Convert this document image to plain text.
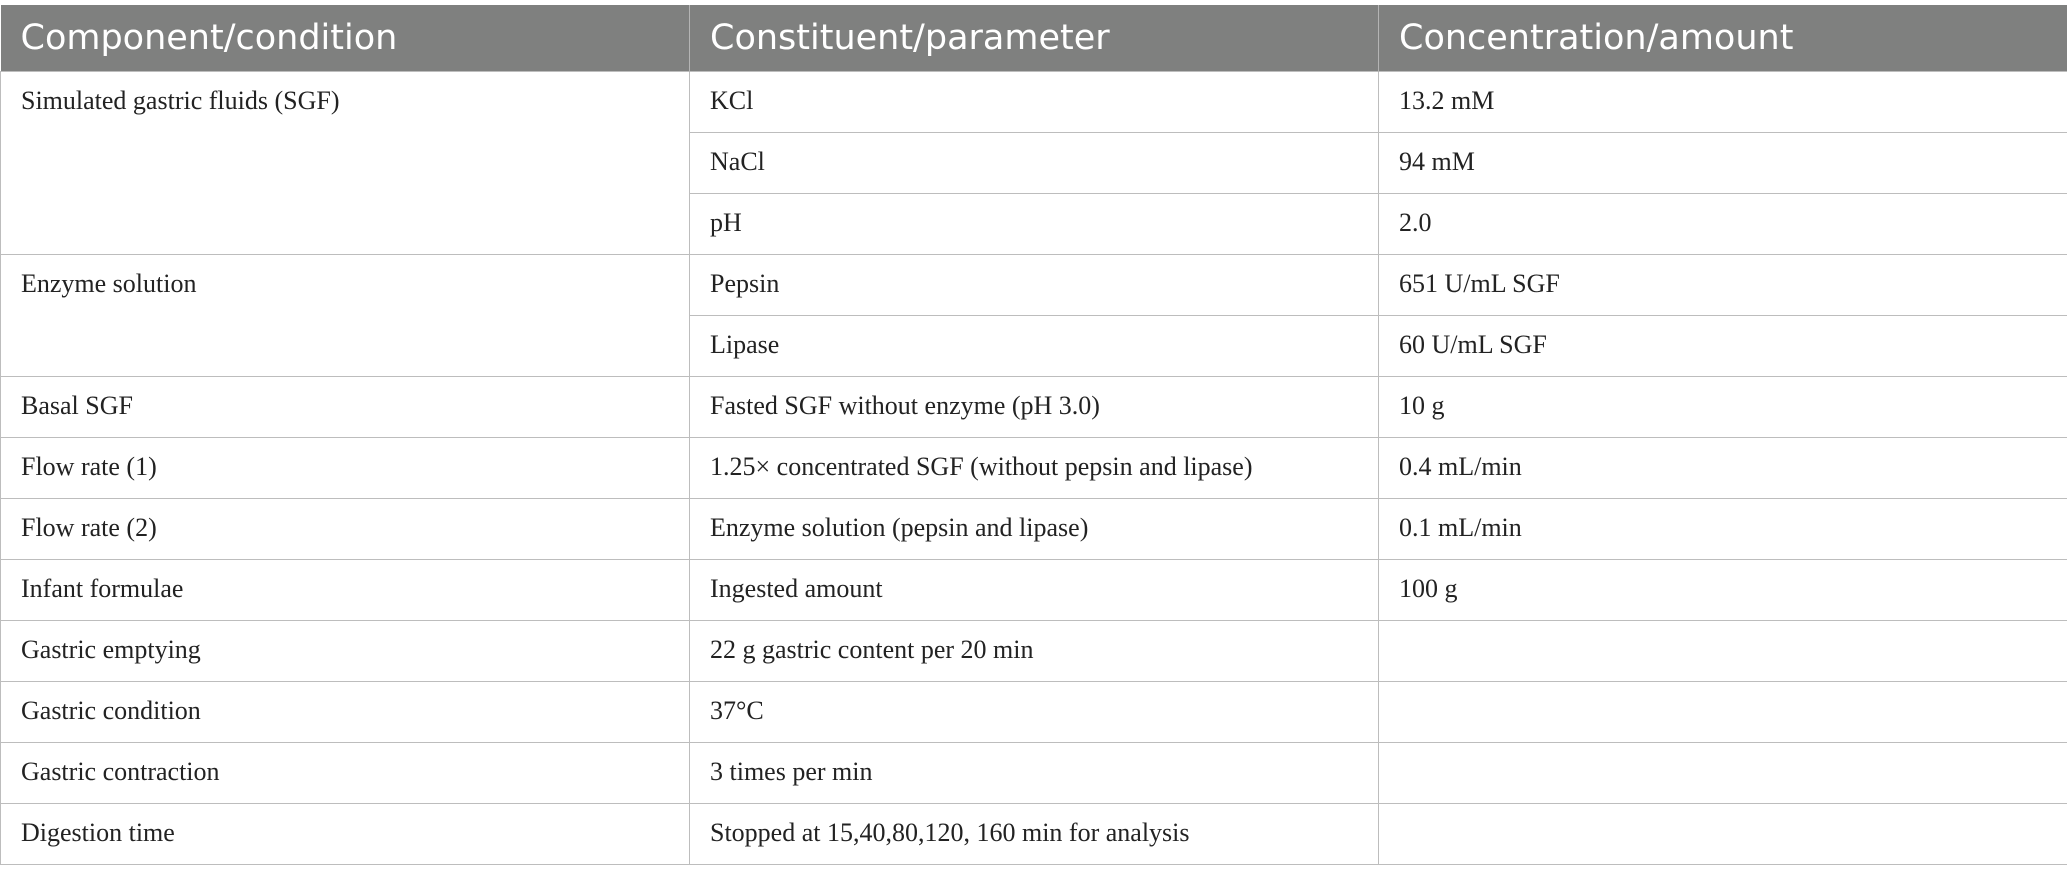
Component/condition	Constituent/parameter	Concentration/amount
Simulated gastric fluids (SGF)	KCl	13.2 mM
	NaCl	94 mM
	pH	2.0
Enzyme solution	Pepsin	651 U/mL SGF
	Lipase	60 U/mL SGF
Basal SGF	Fasted SGF without enzyme (pH 3.0)	10 g
Flow rate (1)	1.25× concentrated SGF (without pepsin and lipase)	0.4 mL/min
Flow rate (2)	Enzyme solution (pepsin and lipase)	0.1 mL/min
Infant formulae	Ingested amount	100 g
Gastric emptying	22 g gastric content per 20 min	
Gastric condition	37°C	
Gastric contraction	3 times per min	
Digestion time	Stopped at 15,40,80,120, 160 min for analysis	
